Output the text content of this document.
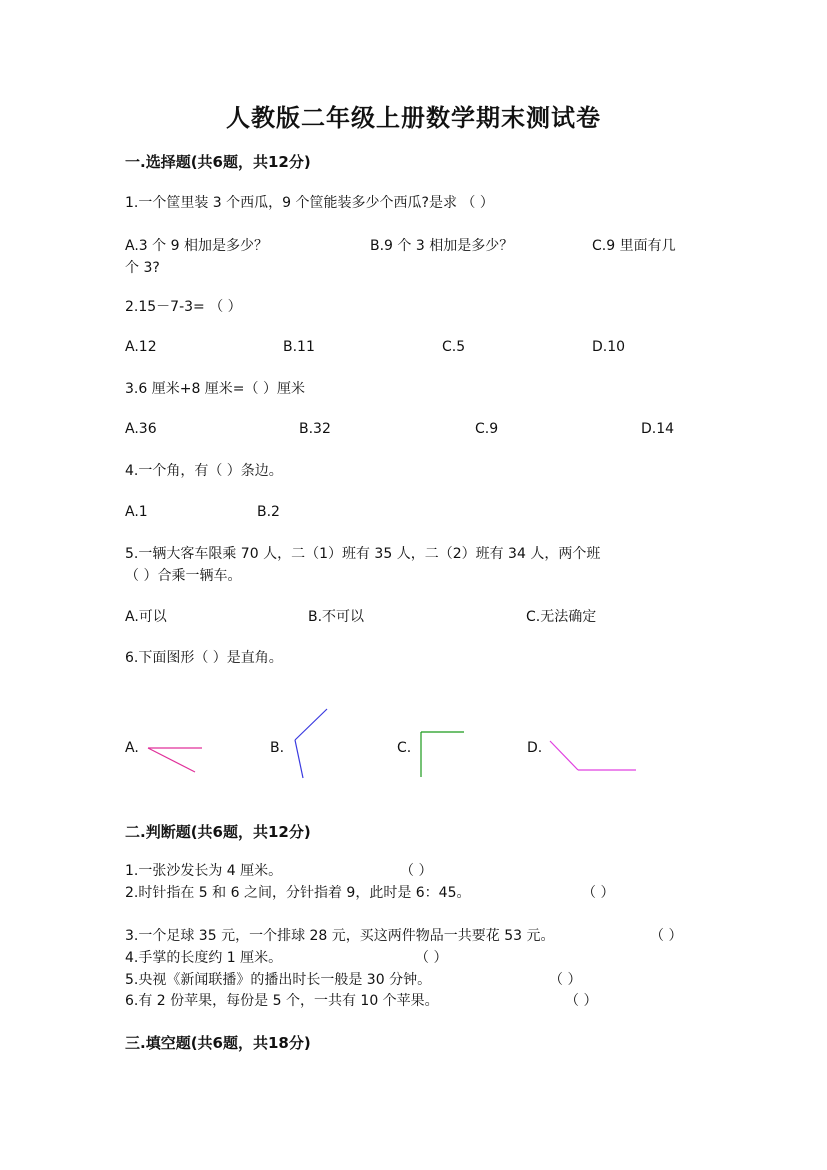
人教版二年级上册数学期末测试卷
一.选择题(共6题，共12分)
1.一个筐里装 3 个西瓜，9 个筐能装多少个西瓜?是求 （ ）
A.3 个 9 相加是多少？	B.9 个 3 相加是多少？	C.9 里面有几
个 3?
2.15－7-3= （ ）
A.12	B.11	C.5	D.10
3.6 厘米+8 厘米=（ ）厘米
A.36	B.32	C.9	D.14
4.一个角，有（ ）条边。
A.1	B.2
5.一辆大客车限乘 70 人，二（1）班有 35 人，二（2）班有 34 人，两个班
（ ）合乘一辆车。
A.可以	B.不可以	C.无法确定
6.下面图形（ ）是直角。
A.	B.	C.	D.
二.判断题(共6题，共12分)
1.一张沙发长为 4 厘米。	（ ）
2.时针指在 5 和 6 之间，分针指着 9，此时是 6：45。	（ ）
3.一个足球 35 元，一个排球 28 元，买这两件物品一共要花 53 元。	（ ）
4.手掌的长度约 1 厘米。	（ ）
5.央视《新闻联播》的播出时长一般是 30 分钟。	（ ）
6.有 2 份苹果，每份是 5 个，一共有 10 个苹果。	（ ）
三.填空题(共6题，共18分)
